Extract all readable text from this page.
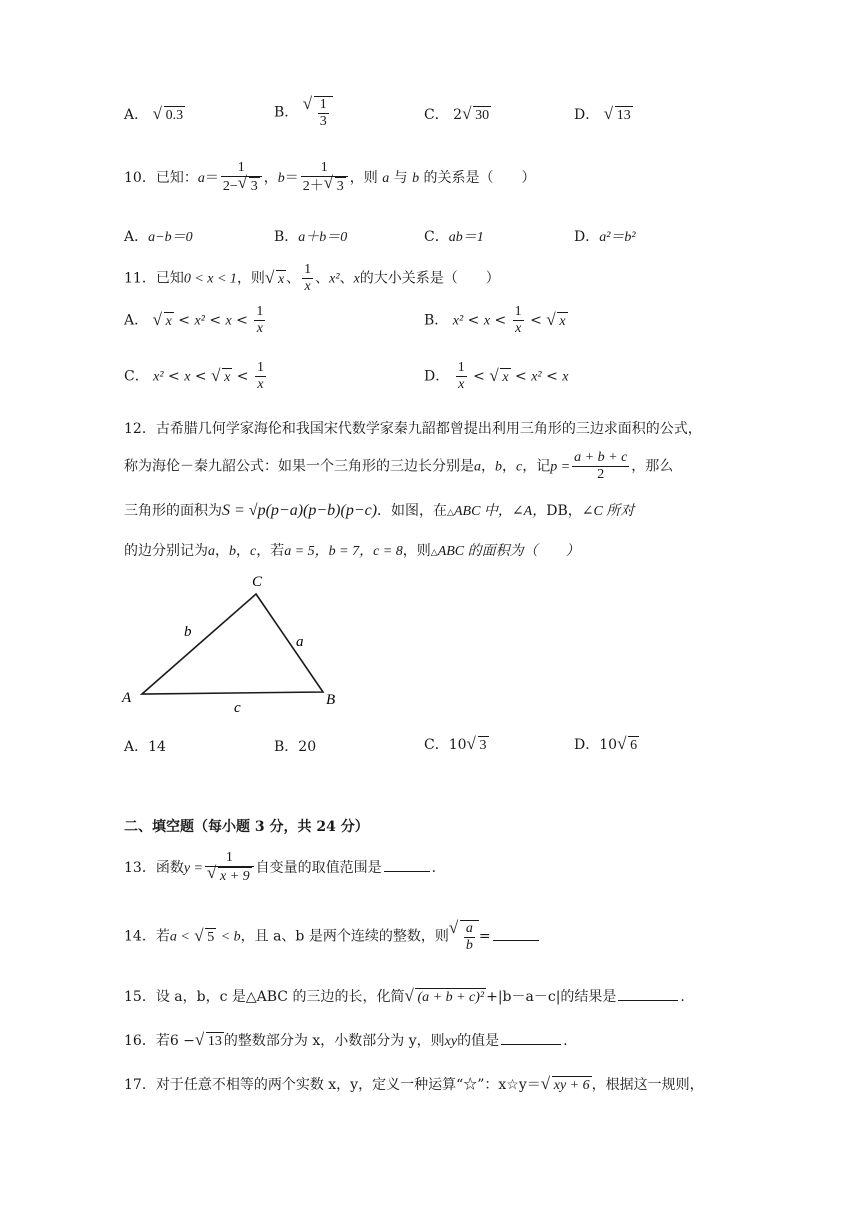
A． √ 0.3	B． √ $\frac{1}{3}$	C． 2 √ 30	D． √ 13
10．已知：$a= \frac{1}{2- √ 3}$ ，$b= \frac{1}{2+ √ 3}$ ，则 a 与 b 的关系是（　　）
A．a−b＝0	B．a＋b＝0	C．ab＝1	D．a²＝b²
11．已知0 < x < 1，则 √ x 、 $\frac{1}{x}$ 、x²、x的大小关系是（　　）
A． √ $x < x^2 < x < \frac{1}{x}$	B． $x^2 < x < \frac{1}{x}$ < √ x
C． x² < x < √ $x < \frac{1}{x}$	D． $\frac{1}{x}$ < √ x < x² < x
12．古希腊几何学家海伦和我国宋代数学家秦九韶都曾提出利用三角形的三边求面积的公式，
称为海伦－秦九韶公式：如果一个三角形的三边长分别是a，b，c，记$p = \frac{a + b + c}{2}$ ，那么
三角形的面积为S = √p(p−a)(p−b)(p−c)．如图，在△ABC 中，∠A，DB，∠C 所对
的边分别记为a，b，c，若a = 5，b = 7，c = 8，则△ABC 的面积为（　　）
A	B
C
b
a
c
A．14	B．20	C．10 √ 3	D．10 √ 6
二、填空题（每小题 3 分，共 24 分）
13．函数y = 1
√ x + 9 自变量的取值范围是	.
14．若a < √ 5 < b，且 a、b 是两个连续的整数，则 √ $\frac{a}{b}$ =
15．设 a，b，c 是△ABC 的三边的长，化简 √ (a + b + c)² +|b－a－c|的结果是	.
16．若6 − √ 13 的整数部分为 x，小数部分为 y，则xy的值是	.
17．对于任意不相等的两个实数 x，y，定义一种运算“☆”：x☆y＝ √ xy + 6 ，根据这一规则，
